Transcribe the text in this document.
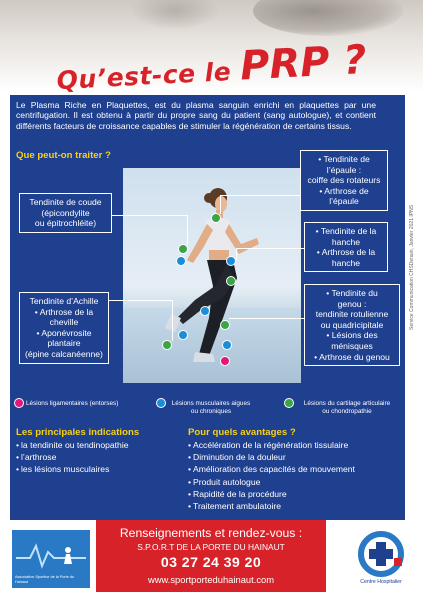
Qu’est-ce le PRP ?

Le Plasma Riche en Plaquettes, est du plasma sanguin enrichi en plaquettes par une centrifugation. Il est obtenu à partir du propre sang du patient (sang autologue), et contient différents facteurs de croissance capables de stimuler la régénération de certains tissus.

Que peut-on traiter ?
Tendinite de coude
(épicondylite
ou épitrochléite)
Tendinite d’Achille
• Arthrose de la
cheville
• Aponévrosite
plantaire
(épine calcanéenne)
• Tendinite de
l’épaule :
coiffe des rotateurs
• Arthrose de
l’épaule
• Tendinite de la
hanche
• Arthrose de la
hanche
• Tendinite du
genou :
tendinite rotulienne
ou quadricipitale
• Lésions des
ménisques
• Arthrose du genou
Lésions ligamentaires (entorses)	Lésions musculaires aigues
ou chroniques
Lésions du cartilage articulaire
ou chondropathie
Les principales indications
• la tendinite ou tendinopathie
• l’arthrose
• les lésions musculaires
Pour quels avantages ?
• Accélération de la régénération tissulaire
• Diminution de la douleur
• Amélioration des capacités de mouvement
• Produit autologue
• Rapidité de la procédure
• Traitement ambulatoire
Service Communication CHSDenain, Janvier 2021 IPNS
Association Sportive de la Porte du Hainaut
Renseignements et rendez-vous :
S.P.O.R.T DE LA PORTE DU HAINAUT
03 27 24 39 20
www.sportporteduhainaut.com	Centre Hospitalier
